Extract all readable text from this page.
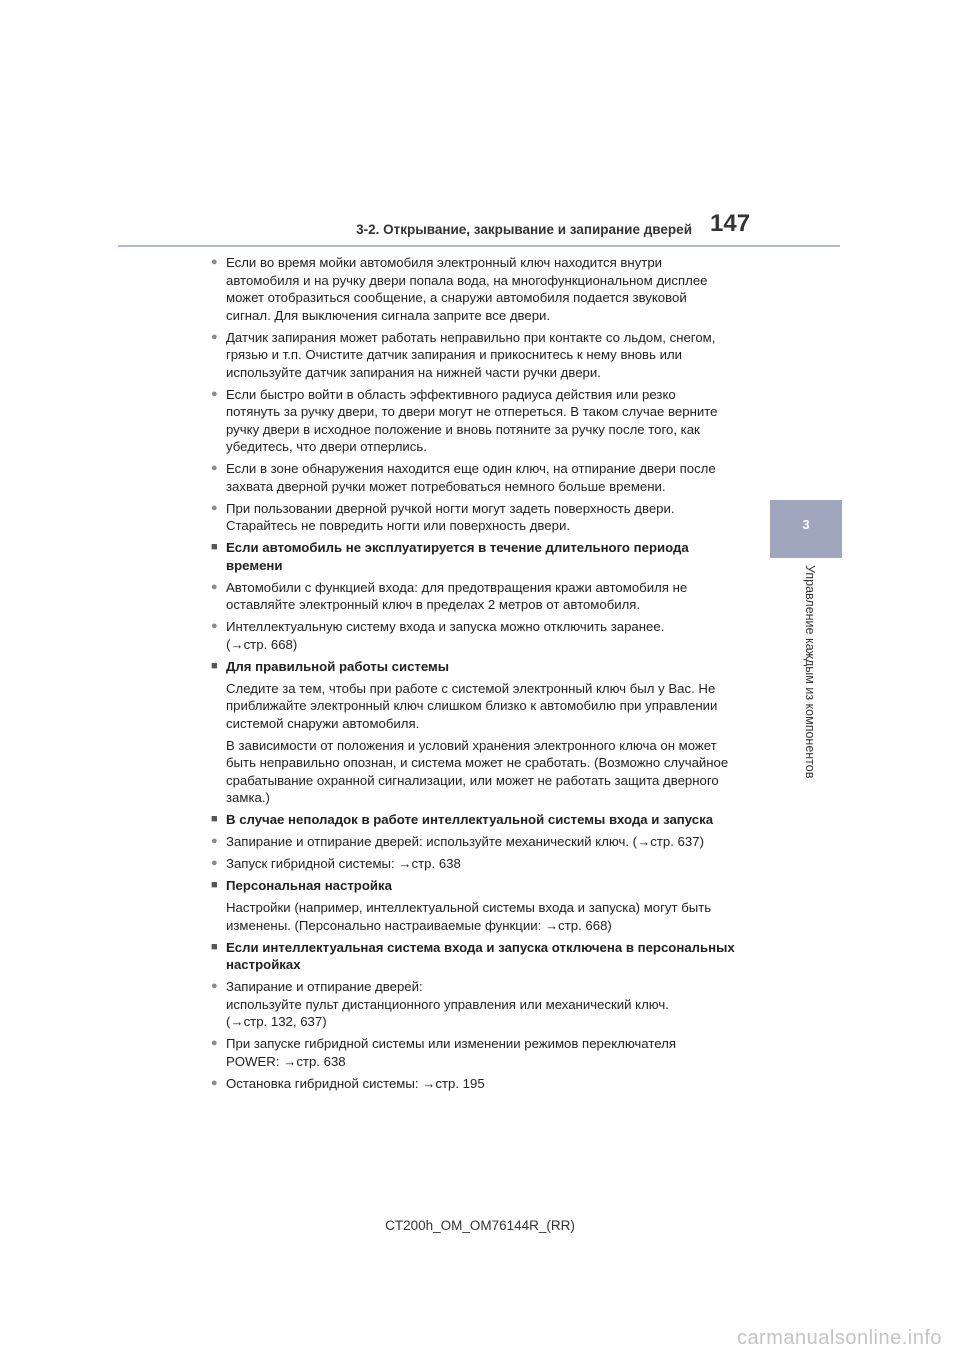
3-2. Открывание, закрывание и запирание дверей 147
3
Управление каждым из компонентов
● Если во время мойки автомобиля электронный ключ находится внутри
автомобиля и на ручку двери попала вода, на многофункциональном дисплее
может отобразиться сообщение, а снаружи автомобиля подается звуковой
сигнал. Для выключения сигнала заприте все двери.
● Датчик запирания может работать неправильно при контакте со льдом, снегом,
грязью и т.п. Очистите датчик запирания и прикоснитесь к нему вновь или
используйте датчик запирания на нижней части ручки двери.
● Если быстро войти в область эффективного радиуса действия или резко
потянуть за ручку двери, то двери могут не отпереться. В таком случае верните
ручку двери в исходное положение и вновь потяните за ручку после того, как
убедитесь, что двери отперлись.
● Если в зоне обнаружения находится еще один ключ, на отпирание двери после
захвата дверной ручки может потребоваться немного больше времени.
● При пользовании дверной ручкой ногти могут задеть поверхность двери.
Старайтесь не повредить ногти или поверхность двери.
■ Если автомобиль не эксплуатируется в течение длительного периода
времени
● Автомобили с функцией входа: для предотвращения кражи автомобиля не
оставляйте электронный ключ в пределах 2 метров от автомобиля.
● Интеллектуальную систему входа и запуска можно отключить заранее.
(→стр. 668)
■ Для правильной работы системы
Следите за тем, чтобы при работе с системой электронный ключ был у Вас. Не
приближайте электронный ключ слишком близко к автомобилю при управлении
системой снаружи автомобиля.
В зависимости от положения и условий хранения электронного ключа он может
быть неправильно опознан, и система может не сработать. (Возможно случайное
срабатывание охранной сигнализации, или может не работать защита дверного
замка.)
■ В случае неполадок в работе интеллектуальной системы входа и запуска
● Запирание и отпирание дверей: используйте механический ключ. (→стр. 637)
● Запуск гибридной системы: →стр. 638
■ Персональная настройка
Настройки (например, интеллектуальной системы входа и запуска) могут быть
изменены. (Персонально настраиваемые функции: →стр. 668)
■ Если интеллектуальная система входа и запуска отключена в персональных
настройках
● Запирание и отпирание дверей:
используйте пульт дистанционного управления или механический ключ.
(→стр. 132, 637)
● При запуске гибридной системы или изменении режимов переключателя
POWER: →стр. 638
● Остановка гибридной системы: →стр. 195
CT200h_OM_OM76144R_(RR)
carmanualsonline.info
